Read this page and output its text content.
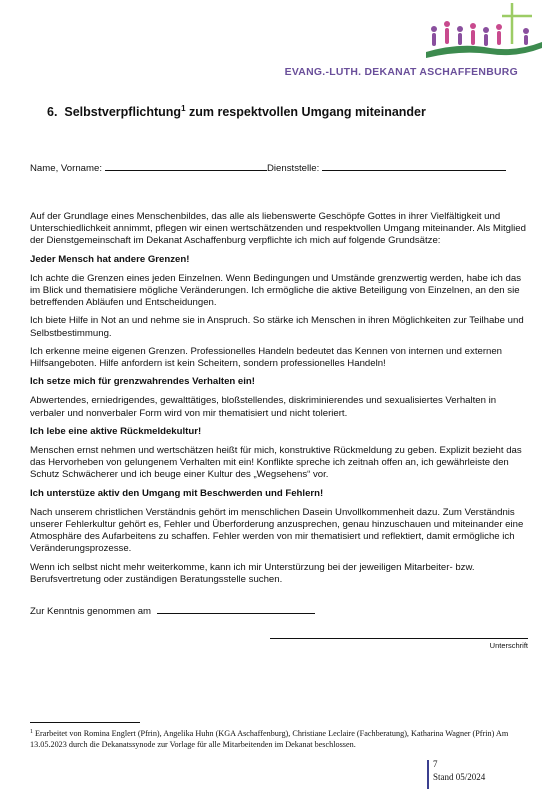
EVANG.-LUTH. DEKANAT ASCHAFFENBURG
6. Selbstverpflichtung$^1$ zum respektvollen Umgang miteinander
Name, Vorname:	Dienststelle:

Auf der Grundlage eines Menschenbildes, das alle als liebenswerte Geschöpfe Gottes in ihrer Vielfältigkeit und Unterschiedlichkeit annimmt, pflegen wir einen wertschätzenden und respektvollen Umgang miteinander. Als Mitglied der Dienstgemeinschaft im Dekanat Aschaffenburg verpflichte ich mich auf folgende Grundsätze:

Jeder Mensch hat andere Grenzen!

Ich achte die Grenzen eines jeden Einzelnen. Wenn Bedingungen und Umstände grenzwertig werden, habe ich das im Blick und thematisiere mögliche Veränderungen. Ich ermögliche die aktive Beteiligung von Einzelnen, an den sie betreffenden Abläufen und Entscheidungen.

Ich biete Hilfe in Not an und nehme sie in Anspruch. So stärke ich Menschen in ihren Möglichkeiten zur Teilhabe und Selbstbestimmung.

Ich erkenne meine eigenen Grenzen. Professionelles Handeln bedeutet das Kennen von internen und externen Hilfsangeboten. Hilfe anfordern ist kein Scheitern, sondern professionelles Handeln!

Ich setze mich für grenzwahrendes Verhalten ein!

Abwertendes, erniedrigendes, gewalttätiges, bloßstellendes, diskriminierendes und sexualisiertes Verhalten in verbaler und nonverbaler Form wird von mir thematisiert und nicht toleriert.

Ich lebe eine aktive Rückmeldekultur!

Menschen ernst nehmen und wertschätzen heißt für mich, konstruktive Rückmeldung zu geben. Explizit bezieht das das Hervorheben von gelungenem Verhalten mit ein! Konflikte spreche ich zeitnah offen an, ich gewährleiste den Schutz Schwächerer und ich beuge einer Kultur des „Wegsehens“ vor.

Ich unterstüze aktiv den Umgang mit Beschwerden und Fehlern!

Nach unserem christlichen Verständnis gehört im menschlichen Dasein Unvollkommenheit dazu. Zum Verständnis unserer Fehlerkultur gehört es, Fehler und Überforderung anzusprechen, genau hinzuschauen und miteinander eine Atmosphäre des Aufarbeitens zu schaffen. Fehler werden von mir thematisiert und reflektiert, damit ermögliche ich Veränderungsprozesse.

Wenn ich selbst nicht mehr weiterkomme, kann ich mir Unterstürzung bei der jeweiligen Mitarbeiter- bzw. Berufsvertretung oder zuständigen Beratungsstelle suchen.

Zur Kenntnis genommen am
Unterschrift
$^1$ Erarbeitet von Romina Englert (Pfrin), Angelika Huhn (KGA Aschaffenburg), Christiane Leclaire (Fachberatung), Katharina Wagner (Pfrin) Am 13.05.2023 durch die Dekanatssynode zur Vorlage für alle Mitarbeitenden im Dekanat beschlossen.
7
Stand 05/2024
